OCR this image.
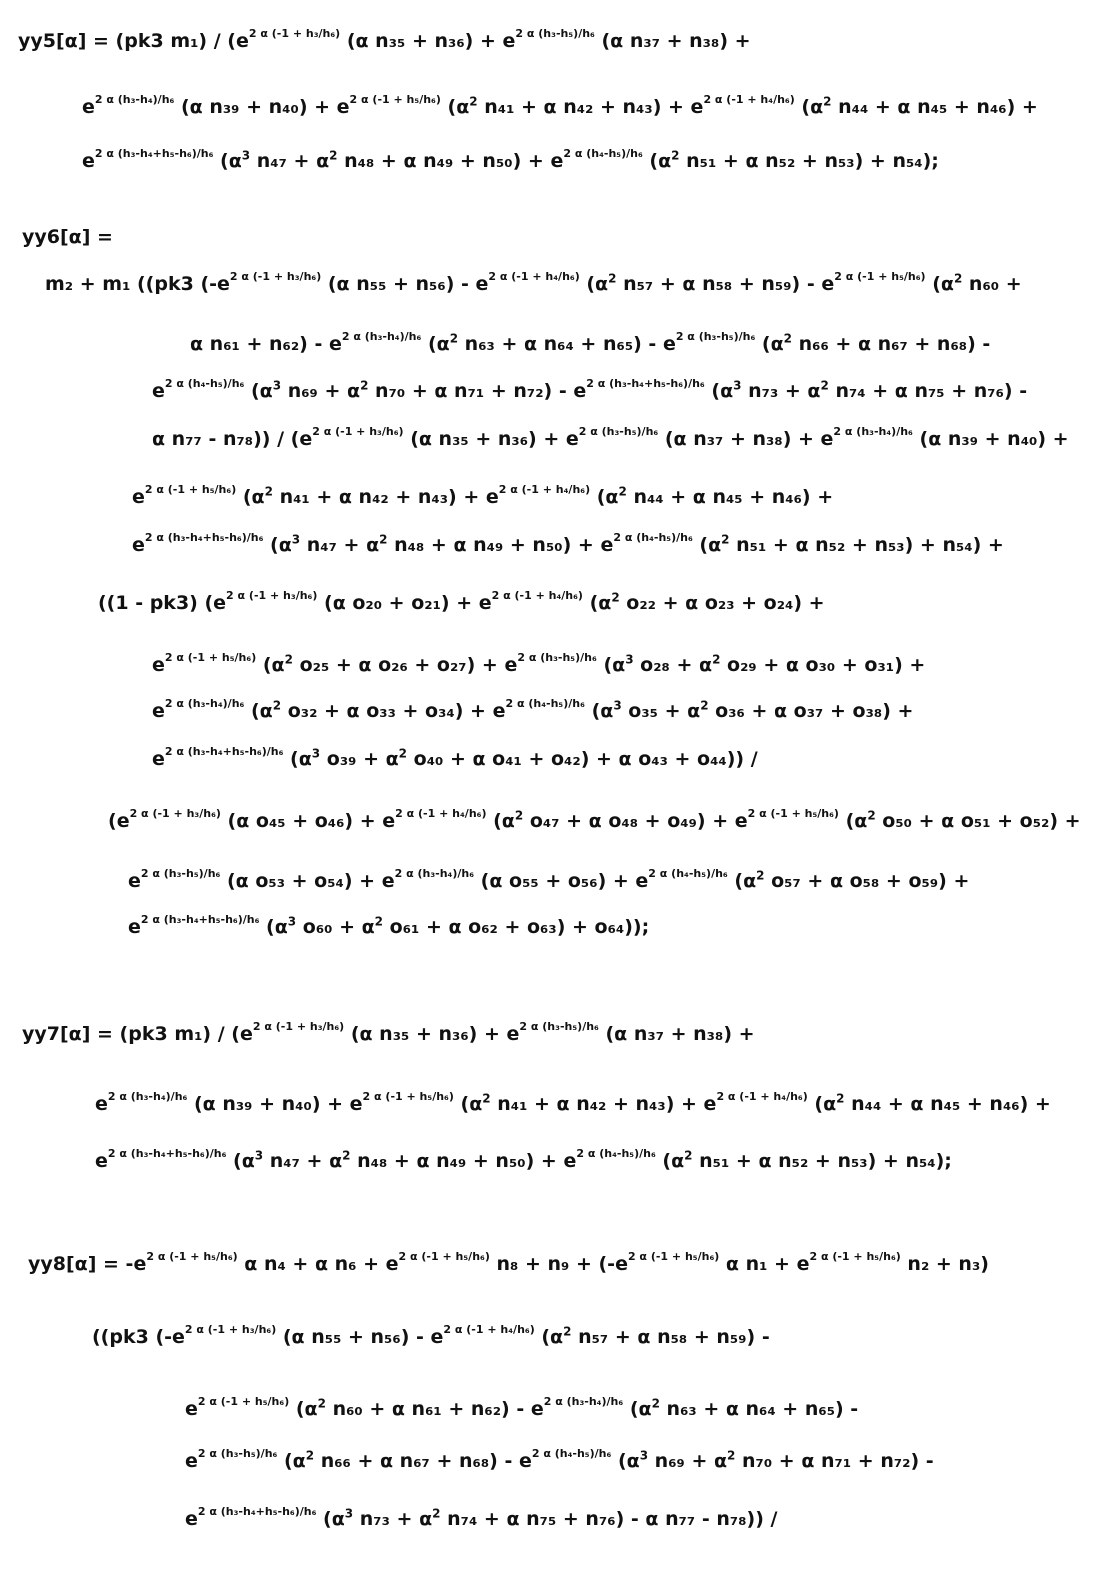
yy5[α] = (pk3 $m_1) / (e^{2 \alpha (-1 + h_3/h_6)}$ (α $n_{35} + n_{36}) + e^{2 \alpha (h_3-h_5)/h_6}$ (α n₃₇ + n₃₈) +
$e^{2 \alpha (h_3-h_4)/h_6}$ (α $n_{39} + n_{40}) + e^{2 \alpha (-1 + h_5/h_6)}$ ($\alpha^2$ n₄₁ + α $n_{42} + n_{43}) + e^{2 \alpha (-1 + h_4/h_6)}$ ($\alpha^2$ n₄₄ + α n₄₅ + n₄₆) +
$e^{2 \alpha (h_3-h_4+h_5-h_6)/h_6}$ ($\alpha^3$ $n_{47} + \alpha^2$ n₄₈ + α $n_{49} + n_{50}) + e^{2 \alpha (h_4-h_5)/h_6}$ ($\alpha^2$ n₅₁ + α n₅₂ + n₅₃) + n₅₄);
yy6[α] =
m₂ + m₁ ((pk3 ($-e^{2 \alpha (-1 + h_3/h_6)}$ (α $n_{55} + n_{56}) - e^{2 \alpha (-1 + h_4/h_6)}$ ($\alpha^2$ n₅₇ + α $n_{58} + n_{59}) - e^{2 \alpha (-1 + h_5/h_6)}$ ($\alpha^2$ n₆₀ +
α $n_{61} + n_{62}) - e^{2 \alpha (h_3-h_4)/h_6}$ ($\alpha^2$ n₆₃ + α $n_{64} + n_{65}) - e^{2 \alpha (h_3-h_5)/h_6}$ ($\alpha^2$ n₆₆ + α n₆₇ + n₆₈) -
$e^{2 \alpha (h_4-h_5)/h_6}$ ($\alpha^3$ $n_{69} + \alpha^2$ n₇₀ + α $n_{71} + n_{72}) - e^{2 \alpha (h_3-h_4+h_5-h_6)/h_6}$ ($\alpha^3$ $n_{73} + \alpha^2$ n₇₄ + α n₇₅ + n₇₆) -
α $n_{77} - n_{78})) / (e^{2 \alpha (-1 + h_3/h_6)}$ (α $n_{35} + n_{36}) + e^{2 \alpha (h_3-h_5)/h_6}$ (α $n_{37} + n_{38}) + e^{2 \alpha (h_3-h_4)/h_6}$ (α n₃₉ + n₄₀) +
$e^{2 \alpha (-1 + h_5/h_6)}$ ($\alpha^2$ n₄₁ + α $n_{42} + n_{43}) + e^{2 \alpha (-1 + h_4/h_6)}$ ($\alpha^2$ n₄₄ + α n₄₅ + n₄₆) +
$e^{2 \alpha (h_3-h_4+h_5-h_6)/h_6}$ ($\alpha^3$ $n_{47} + \alpha^2$ n₄₈ + α $n_{49} + n_{50}) + e^{2 \alpha (h_4-h_5)/h_6}$ ($\alpha^2$ n₅₁ + α n₅₂ + n₅₃) + n₅₄) +
((1 - pk3) ($e^{2 \alpha (-1 + h_3/h_6)}$ (α $o_{20} + o_{21}) + e^{2 \alpha (-1 + h_4/h_6)}$ ($\alpha^2$ o₂₂ + α o₂₃ + o₂₄) +
$e^{2 \alpha (-1 + h_5/h_6)}$ ($\alpha^2$ o₂₅ + α $o_{26} + o_{27}) + e^{2 \alpha (h_3-h_5)/h_6}$ ($\alpha^3$ $o_{28} + \alpha^2$ o₂₉ + α o₃₀ + o₃₁) +
$e^{2 \alpha (h_3-h_4)/h_6}$ ($\alpha^2$ o₃₂ + α $o_{33} + o_{34}) + e^{2 \alpha (h_4-h_5)/h_6}$ ($\alpha^3$ $o_{35} + \alpha^2$ o₃₆ + α o₃₇ + o₃₈) +
$e^{2 \alpha (h_3-h_4+h_5-h_6)/h_6}$ ($\alpha^3$ $o_{39} + \alpha^2$ o₄₀ + α o₄₁ + o₄₂) + α o₄₃ + o₄₄)) /
($e^{2 \alpha (-1 + h_3/h_6)}$ (α $o_{45} + o_{46}) + e^{2 \alpha (-1 + h_4/h_6)}$ ($\alpha^2$ o₄₇ + α $o_{48} + o_{49}) + e^{2 \alpha (-1 + h_5/h_6)}$ ($\alpha^2$ o₅₀ + α o₅₁ + o₅₂) +
$e^{2 \alpha (h_3-h_5)/h_6}$ (α $o_{53} + o_{54}) + e^{2 \alpha (h_3-h_4)/h_6}$ (α $o_{55} + o_{56}) + e^{2 \alpha (h_4-h_5)/h_6}$ ($\alpha^2$ o₅₇ + α o₅₈ + o₅₉) +
$e^{2 \alpha (h_3-h_4+h_5-h_6)/h_6}$ ($\alpha^3$ $o_{60} + \alpha^2$ o₆₁ + α o₆₂ + o₆₃) + o₆₄));
yy7[α] = (pk3 $m_1) / (e^{2 \alpha (-1 + h_3/h_6)}$ (α $n_{35} + n_{36}) + e^{2 \alpha (h_3-h_5)/h_6}$ (α n₃₇ + n₃₈) +
$e^{2 \alpha (h_3-h_4)/h_6}$ (α $n_{39} + n_{40}) + e^{2 \alpha (-1 + h_5/h_6)}$ ($\alpha^2$ n₄₁ + α $n_{42} + n_{43}) + e^{2 \alpha (-1 + h_4/h_6)}$ ($\alpha^2$ n₄₄ + α n₄₅ + n₄₆) +
$e^{2 \alpha (h_3-h_4+h_5-h_6)/h_6}$ ($\alpha^3$ $n_{47} + \alpha^2$ n₄₈ + α $n_{49} + n_{50}) + e^{2 \alpha (h_4-h_5)/h_6}$ ($\alpha^2$ n₅₁ + α n₅₂ + n₅₃) + n₅₄);
$yy8[\alpha] = -e^{2 \alpha (-1 + h_5/h_6)}$ α n₄ + α $n_6 + e^{2 \alpha (-1 + h_5/h_6)}$ $n_8 + n_9 + (-e^{2 \alpha (-1 + h_5/h_6)}$ α $n_1 + e^{2 \alpha (-1 + h_5/h_6)}$ n₂ + n₃)
((pk3 ($-e^{2 \alpha (-1 + h_3/h_6)}$ (α $n_{55} + n_{56}) - e^{2 \alpha (-1 + h_4/h_6)}$ ($\alpha^2$ n₅₇ + α n₅₈ + n₅₉) -
$e^{2 \alpha (-1 + h_5/h_6)}$ ($\alpha^2$ n₆₀ + α $n_{61} + n_{62}) - e^{2 \alpha (h_3-h_4)/h_6}$ ($\alpha^2$ n₆₃ + α n₆₄ + n₆₅) -
$e^{2 \alpha (h_3-h_5)/h_6}$ ($\alpha^2$ n₆₆ + α $n_{67} + n_{68}) - e^{2 \alpha (h_4-h_5)/h_6}$ ($\alpha^3$ $n_{69} + \alpha^2$ n₇₀ + α n₇₁ + n₇₂) -
$e^{2 \alpha (h_3-h_4+h_5-h_6)/h_6}$ ($\alpha^3$ $n_{73} + \alpha^2$ n₇₄ + α n₇₅ + n₇₆) - α n₇₇ - n₇₈)) /
